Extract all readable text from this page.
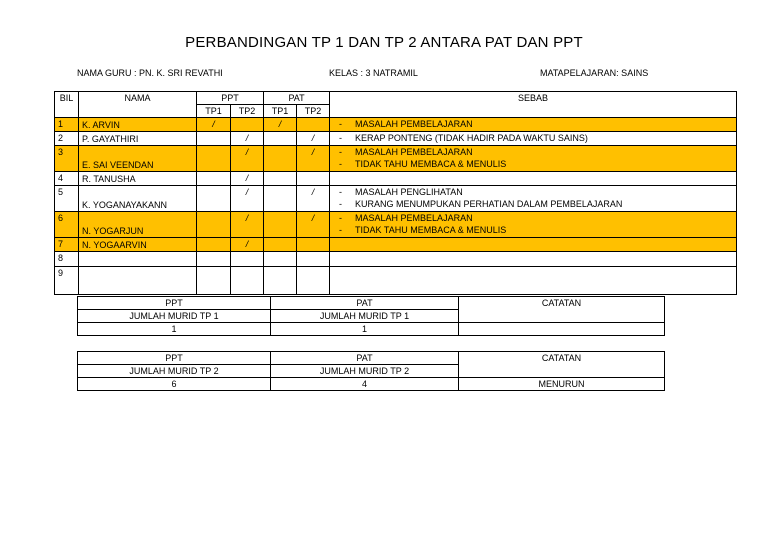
PERBANDINGAN TP 1 DAN TP 2 ANTARA PAT DAN PPT
NAMA GURU : PN. K. SRI REVATHI	KELAS : 3 NATRAMIL	MATAPELAJARAN: SAINS
BIL	NAMA	PPT		PAT		SEBAB
		TP1	TP2	TP1	TP2	
1	K. ARVIN	/		/		- MASALAH PEMBELAJARAN

2	P. GAYATHIRI		/		/	- KERAP PONTENG (TIDAK HADIR PADA WAKTU SAINS)

3	E. SAI VEENDAN		/		/	- MASALAH PEMBELAJARAN
- TIDAK TAHU MEMBACA & MENULIS

4	R. TANUSHA		/			
5	K. YOGANAYAKANN		/		/	- MASALAH PENGLIHATAN
- KURANG MENUMPUKAN PERHATIAN DALAM PEMBELAJARAN

6	N. YOGARJUN		/		/	- MASALAH PEMBELAJARAN
- TIDAK TAHU MEMBACA & MENULIS

7	N. YOGAARVIN		/			
8						
9						
PPT	PAT	CATATAN
JUMLAH MURID TP 1	JUMLAH MURID TP 1	
1	1	
PPT	PAT	CATATAN
JUMLAH MURID TP 2	JUMLAH MURID TP 2	
6	4	MENURUN
